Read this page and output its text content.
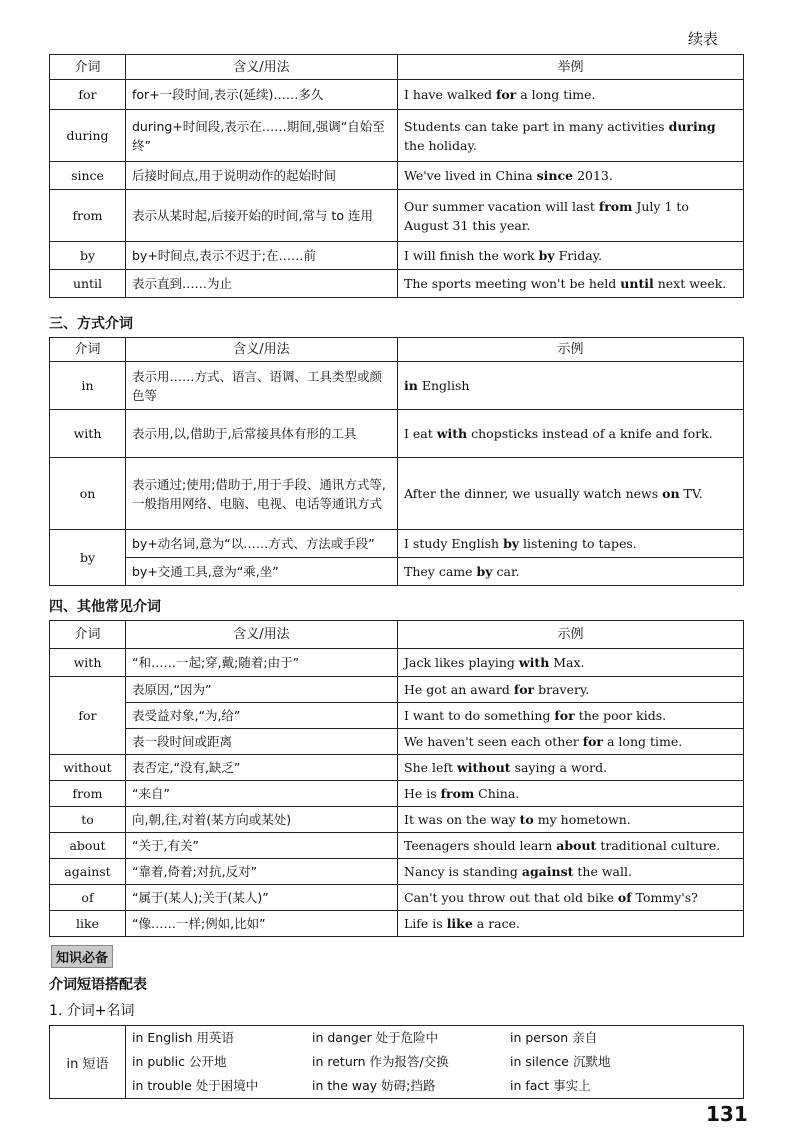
续表
介词	含义/用法	举例
for	for+一段时间,表示(延续)……多久	I have walked for a long time.
during	during+时间段,表示在……期间,强调“自始至终”	Students can take part in many activities during the holiday.
since	后接时间点,用于说明动作的起始时间	We've lived in China since 2013.
from	表示从某时起,后接开始的时间,常与 to 连用	Our summer vacation will last from July 1 to August 31 this year.
by	by+时间点,表示不迟于;在……前	I will finish the work by Friday.
until	表示直到……为止	The sports meeting won't be held until next week.
三、方式介词
介词	含义/用法	示例
in	表示用……方式、语言、语调、工具类型或颜色等	in English
with	表示用,以,借助于,后常接具体有形的工具	I eat with chopsticks instead of a knife and fork.
on	表示通过;使用;借助于,用于手段、通讯方式等,一般指用网络、电脑、电视、电话等通讯方式	After the dinner, we usually watch news on TV.
by	by+动名词,意为“以……方式、方法或手段”	I study English by listening to tapes.
	by+交通工具,意为“乘,坐”	They came by car.
四、其他常见介词
介词	含义/用法	示例
with	“和……一起;穿,戴;随着;由于”	Jack likes playing with Max.
for	表原因,“因为”	He got an award for bravery.
	表受益对象,“为,给”	I want to do something for the poor kids.
	表一段时间或距离	We haven't seen each other for a long time.
without	表否定,“没有,缺乏”	She left without saying a word.
from	“来自”	He is from China.
to	向,朝,往,对着(某方向或某处)	It was on the way to my hometown.
about	“关于,有关”	Teenagers should learn about traditional culture.
against	“靠着,倚着;对抗,反对”	Nancy is standing against the wall.
of	“属于(某人);关于(某人)”	Can't you throw out that old bike of Tommy's?
like	“像……一样;例如,比如”	Life is like a race.
知识必备
介词短语搭配表
1. 介词+名词
in 短语	
in English 用英语	in danger 处于危险中	in person 亲自
in public 公开地	in return 作为报答/交换	in silence 沉默地
in trouble 处于困境中	in the way 妨碍;挡路	in fact 事实上
131
